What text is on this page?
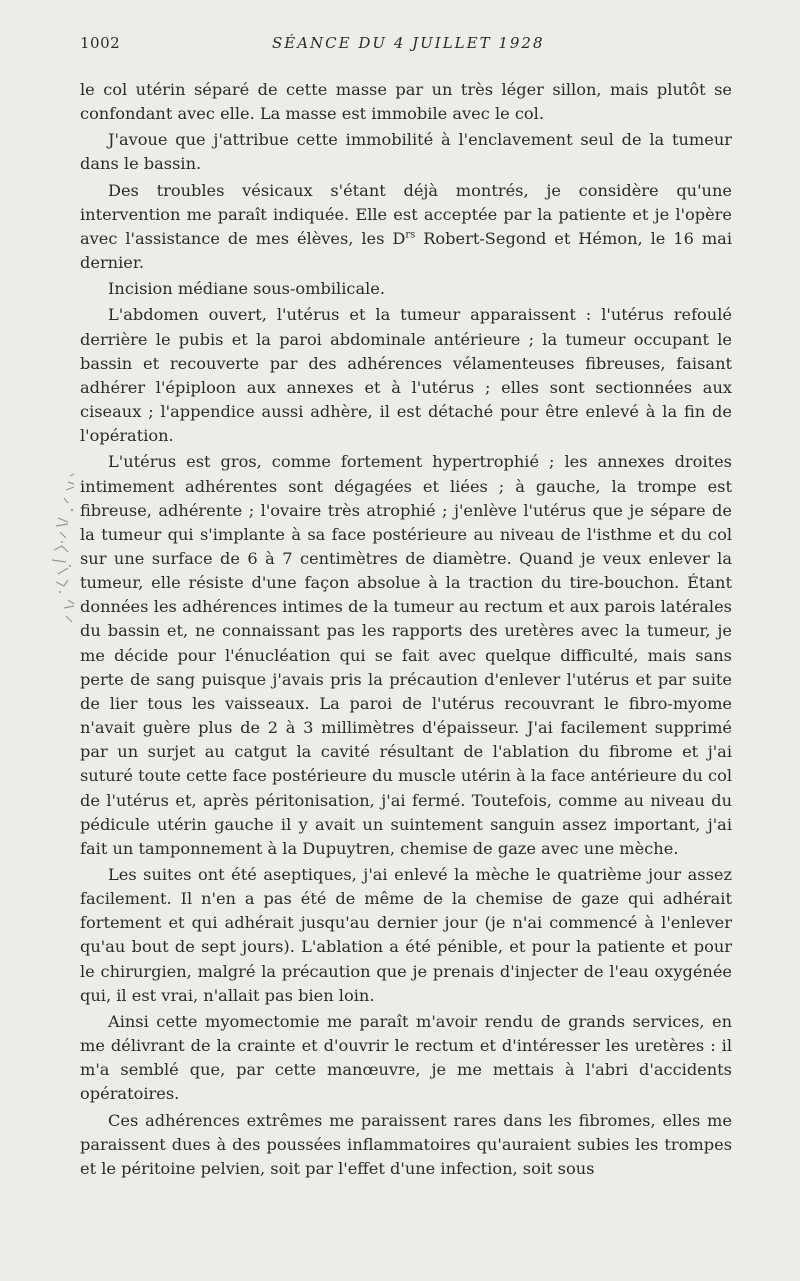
1002	SÉANCE DU 4 JUILLET 1928

le col utérin séparé de cette masse par un très léger sillon, mais plutôt se confondant avec elle. La masse est immobile avec le col.

J'avoue que j'attribue cette immobilité à l'enclavement seul de la tumeur dans le bassin.

Des troubles vésicaux s'étant déjà montrés, je considère qu'une intervention me paraît indiquée. Elle est acceptée par la patiente et je l'opère avec l'assistance de mes élèves, les $D^{rs}$ Robert-Segond et Hémon, le 16 mai dernier.

Incision médiane sous-ombilicale.

L'abdomen ouvert, l'utérus et la tumeur apparaissent : l'utérus refoulé derrière le pubis et la paroi abdominale antérieure ; la tumeur occupant le bassin et recouverte par des adhérences vélamenteuses fibreuses, faisant adhérer l'épiploon aux annexes et à l'utérus ; elles sont sectionnées aux ciseaux ; l'appendice aussi adhère, il est détaché pour être enlevé à la fin de l'opération.

L'utérus est gros, comme fortement hypertrophié ; les annexes droites intimement adhérentes sont dégagées et liées ; à gauche, la trompe est fibreuse, adhérente ; l'ovaire très atrophié ; j'enlève l'utérus que je sépare de la tumeur qui s'implante à sa face postérieure au niveau de l'isthme et du col sur une surface de 6 à 7 centimètres de diamètre. Quand je veux enlever la tumeur, elle résiste d'une façon absolue à la traction du tire-bouchon. Étant données les adhérences intimes de la tumeur au rectum et aux parois latérales du bassin et, ne connaissant pas les rapports des uretères avec la tumeur, je me décide pour l'énucléation qui se fait avec quelque difficulté, mais sans perte de sang puisque j'avais pris la précaution d'enlever l'utérus et par suite de lier tous les vaisseaux. La paroi de l'utérus recouvrant le fibro-myome n'avait guère plus de 2 à 3 millimètres d'épaisseur. J'ai facilement supprimé par un surjet au catgut la cavité résultant de l'ablation du fibrome et j'ai suturé toute cette face postérieure du muscle utérin à la face antérieure du col de l'utérus et, après péritonisation, j'ai fermé. Toutefois, comme au niveau du pédicule utérin gauche il y avait un suintement sanguin assez important, j'ai fait un tamponnement à la Dupuytren, chemise de gaze avec une mèche.

Les suites ont été aseptiques, j'ai enlevé la mèche le quatrième jour assez facilement. Il n'en a pas été de même de la chemise de gaze qui adhérait fortement et qui adhérait jusqu'au dernier jour (je n'ai commencé à l'enlever qu'au bout de sept jours). L'ablation a été pénible, et pour la patiente et pour le chirurgien, malgré la précaution que je prenais d'injecter de l'eau oxygénée qui, il est vrai, n'allait pas bien loin.

Ainsi cette myomectomie me paraît m'avoir rendu de grands services, en me délivrant de la crainte et d'ouvrir le rectum et d'intéresser les uretères : il m'a semblé que, par cette manœuvre, je me mettais à l'abri d'accidents opératoires.

Ces adhérences extrêmes me paraissent rares dans les fibromes, elles me paraissent dues à des poussées inflammatoires qu'auraient subies les trompes et le péritoine pelvien, soit par l'effet d'une infection, soit sous
